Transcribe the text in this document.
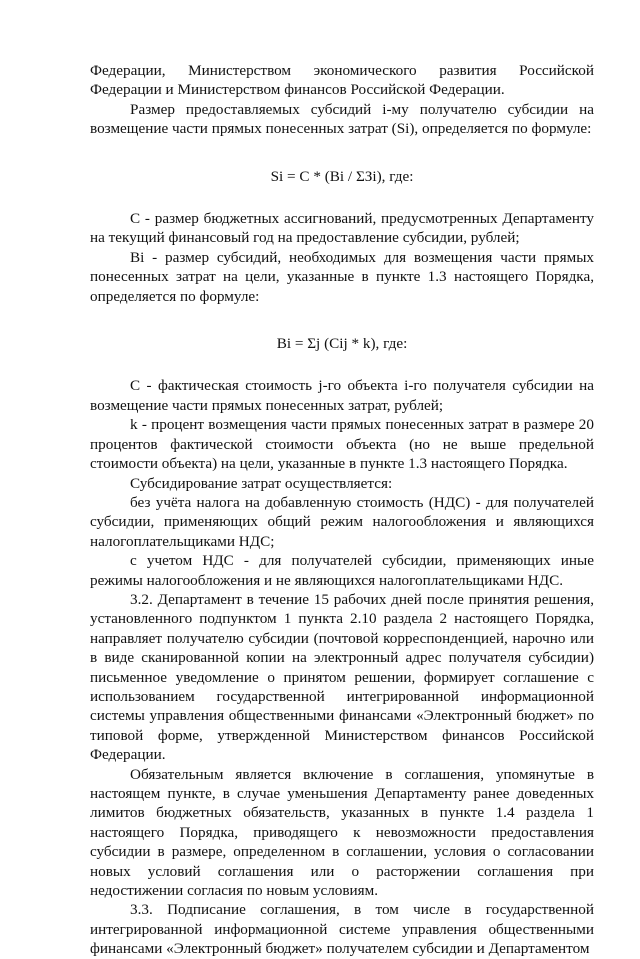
Федерации, Министерством экономического развития Российской Федерации и Министерством финансов Российской Федерации.

Размер предоставляемых субсидий i-му получателю субсидии на возмещение части прямых понесенных затрат (Si), определяется по формуле:

Si = C * (Bi / ΣЗi), где:

C - размер бюджетных ассигнований, предусмотренных Департаменту на текущий финансовый год на предоставление субсидии, рублей;

Bi - размер субсидий, необходимых для возмещения части прямых понесенных затрат на цели, указанные в пункте 1.3 настоящего Порядка, определяется по формуле:

Bi = Σj (Cij * k), где:

C - фактическая стоимость j-го объекта i-го получателя субсидии на возмещение части прямых понесенных затрат, рублей;

k - процент возмещения части прямых понесенных затрат в размере 20 процентов фактической стоимости объекта (но не выше предельной стоимости объекта) на цели, указанные в пункте 1.3 настоящего Порядка.

Субсидирование затрат осуществляется:

без учёта налога на добавленную стоимость (НДС) - для получателей субсидии, применяющих общий режим налогообложения и являющихся налогоплательщиками НДС;

с учетом НДС - для получателей субсидии, применяющих иные режимы налогообложения и не являющихся налогоплательщиками НДС.

3.2. Департамент в течение 15 рабочих дней после принятия решения, установленного подпунктом 1 пункта 2.10 раздела 2 настоящего Порядка, направляет получателю субсидии (почтовой корреспонденцией, нарочно или в виде сканированной копии на электронный адрес получателя субсидии) письменное уведомление о принятом решении, формирует соглашение с использованием государственной интегрированной информационной системы управления общественными финансами «Электронный бюджет» по типовой форме, утвержденной Министерством финансов Российской Федерации.

Обязательным является включение в соглашения, упомянутые в настоящем пункте, в случае уменьшения Департаменту ранее доведенных лимитов бюджетных обязательств, указанных в пункте 1.4 раздела 1 настоящего Порядка, приводящего к невозможности предоставления субсидии в размере, определенном в соглашении, условия о согласовании новых условий соглашения или о расторжении соглашения при недостижении согласия по новым условиям.

3.3. Подписание соглашения, в том числе в государственной интегрированной информационной системе управления общественными финансами «Электронный бюджет» получателем субсидии и Департаментом
